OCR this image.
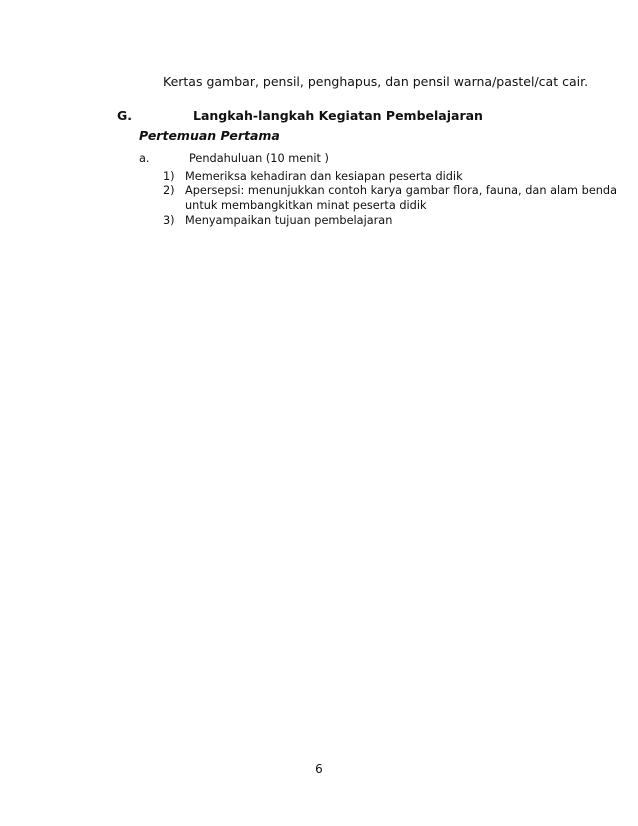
Kertas gambar, pensil, penghapus, dan pensil warna/pastel/cat cair.
G.	Langkah-langkah Kegiatan Pembelajaran
Pertemuan Pertama
a.	Pendahuluan (10 menit )
1) Memeriksa kehadiran dan kesiapan peserta didik
2) Apersepsi: menunjukkan contoh karya gambar flora, fauna, dan alam benda
untuk membangkitkan minat peserta didik
3) Menyampaikan tujuan pembelajaran
6
